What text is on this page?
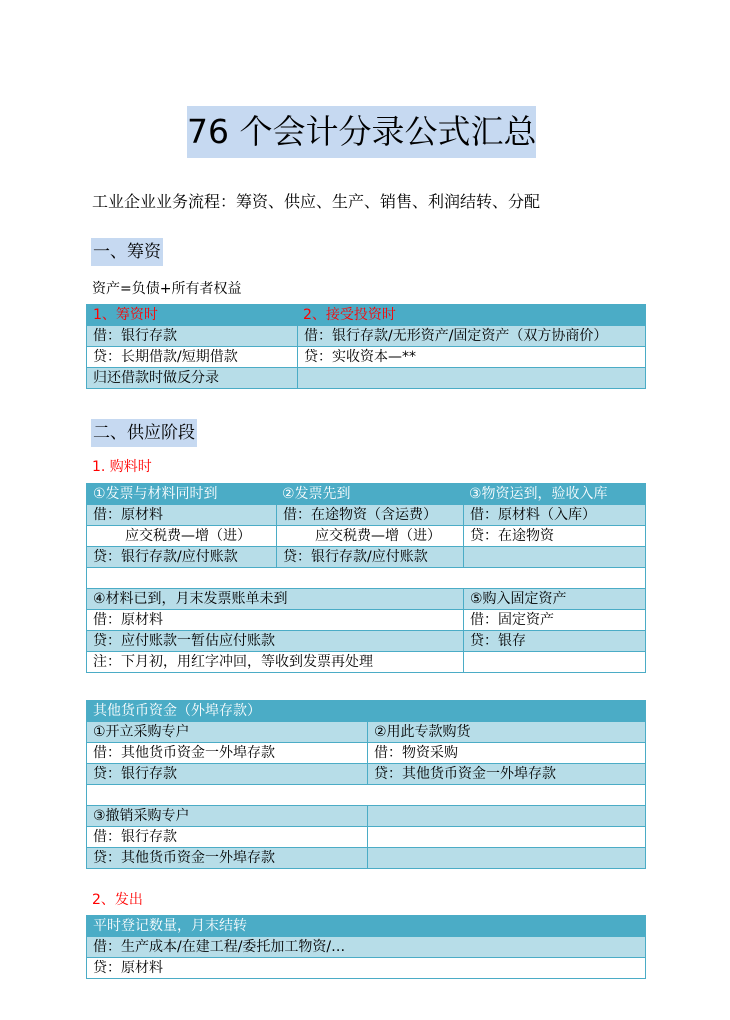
76 个会计分录公式汇总
工业企业业务流程：筹资、供应、生产、销售、利润结转、分配
一、筹资
资产=负债+所有者权益
1、筹资时	2、接受投资时
借：银行存款	借：银行存款/无形资产/固定资产（双方协商价）
贷：长期借款/短期借款	贷：实收资本—**
归还借款时做反分录
二、供应阶段
1. 购料时
①发票与材料同时到	②发票先到	③物资运到，验收入库
借：原材料	借：在途物资（含运费）	借：原材料（入库）
应交税费—增（进）	应交税费—增（进）	贷：在途物资
贷：银行存款/应付账款	贷：银行存款/应付账款
④材料已到，月末发票账单未到	⑤购入固定资产
借：原材料	借：固定资产
贷：应付账款一暂估应付账款	贷：银存
注：下月初，用红字冲回，等收到发票再处理
其他货币资金（外埠存款）
①开立采购专户	②用此专款购货
借：其他货币资金一外埠存款	借：物资采购
贷：银行存款	贷：其他货币资金一外埠存款
③撤销采购专户
借：银行存款
贷：其他货币资金一外埠存款
2、发出
平时登记数量，月末结转
借：生产成本/在建工程/委托加工物资/…
贷：原材料
